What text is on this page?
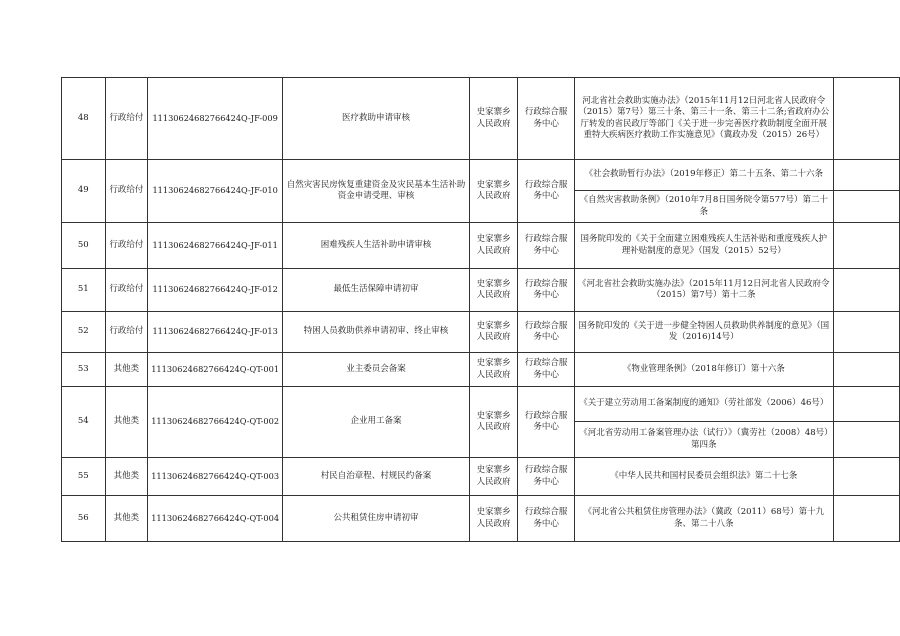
48	行政给付	11130624682766424Q-JF-009	医疗救助申请审核	史家寨乡人民政府	行政综合服务中心	河北省社会救助实施办法》（2015年11月12日河北省人民政府令（2015）第7号）第三十条、第三十一条、第三十二条;省政府办公厅转发的省民政厅等部门《关于进一步完善医疗救助制度全面开展重特大疾病医疗救助工作实施意见》（冀政办发（2015）26号）	
49	行政给付	11130624682766424Q-JF-010	自然灾害民房恢复重建资金及灾民基本生活补助资金申请受理、审核	史家寨乡人民政府	行政综合服务中心	《社会救助暂行办法》（2019年修正）第二十五条、第二十六条	
						《自然灾害救助条例》（2010年7月8日国务院令第577号）第二十条	
50	行政给付	11130624682766424Q-JF-011	困难残疾人生活补助申请审核	史家寨乡人民政府	行政综合服务中心	国务院印发的《关于全面建立困难残疾人生活补贴和重度残疾人护理补贴制度的意见》（国发（2015）52号）	
51	行政给付	11130624682766424Q-JF-012	最低生活保障申请初审	史家寨乡人民政府	行政综合服务中心	《河北省社会救助实施办法》（2015年11月12日河北省人民政府令（2015）第7号）第十二条	
52	行政给付	11130624682766424Q-JF-013	特困人员救助供养申请初审、终止审核	史家寨乡人民政府	行政综合服务中心	国务院印发的《关于进一步健全特困人员救助供养制度的意见》（国发（2016)14号）	
53	其他类	11130624682766424Q-QT-001	业主委员会备案	史家寨乡人民政府	行政综合服务中心	《物业管理条例》（2018年修订）第十六条	
54	其他类	11130624682766424Q-QT-002	企业用工备案	史家寨乡人民政府	行政综合服务中心	《关于建立劳动用工备案制度的通知》（劳社部发（2006）46号）	
						《河北省劳动用工备案管理办法（试行）》（冀劳社（2008）48号）第四条	
55	其他类	11130624682766424Q-QT-003	村民自治章程、村规民约备案	史家寨乡人民政府	行政综合服务中心	《中华人民共和国村民委员会组织法》第二十七条	
56	其他类	11130624682766424Q-QT-004	公共租赁住房申请初审	史家寨乡人民政府	行政综合服务中心	《河北省公共租赁住房管理办法》（冀政（2011）68号）第十九条、第二十八条	
